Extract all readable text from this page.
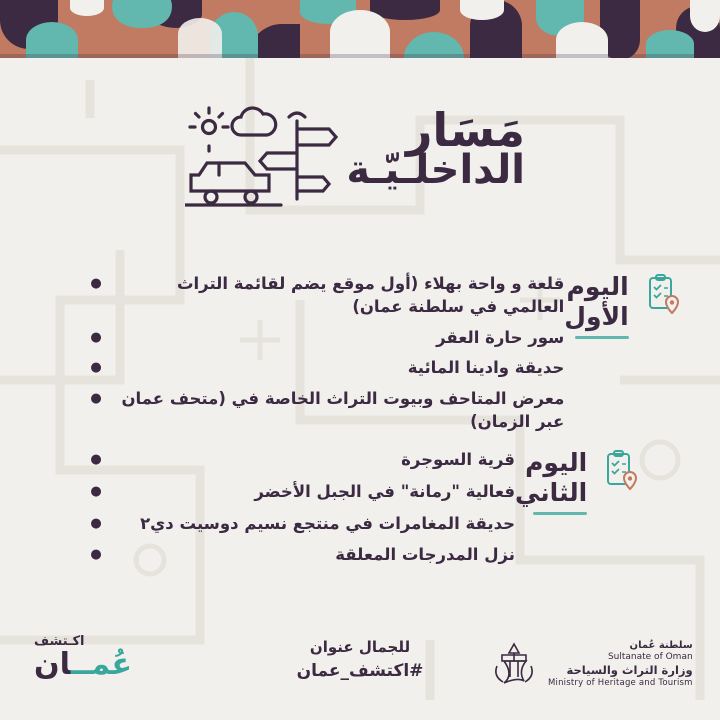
مَسَار
الداخلـيّـة
اليوم
الأول
قلعة و واحة بهلاء (أول موقع يضم لقائمة التراث العالمي في سلطنة عمان)
●
سور حارة العقر
●
حديقة وادينا المائية
●
معرض المتاحف وبيوت التراث الخاصة في (متحف عمان عبر الزمان)
●
اليوم
الثاني
قرية السوجرة
●
فعالية "رمانة" في الجبل الأخضر
●
حديقة المغامرات في منتجع نسيم دوسيت دي٢
●
نزل المدرجات المعلقة
●
للجمال عنوان
#اكتشف_عمان
سلطنة عُمان
Sultanate of Oman
وزارة التراث والسياحة
Ministry of Heritage and Tourism
اكـتشف
عُمــان
